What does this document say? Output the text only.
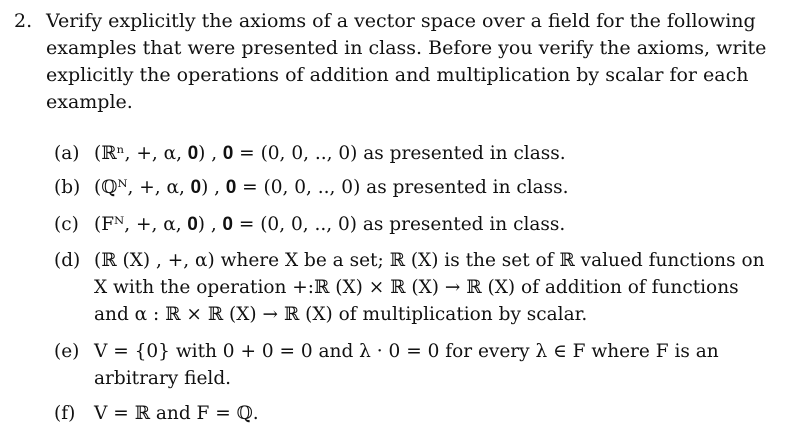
2. Verify explicitly the axioms of a vector space over a field for the following examples that were presented in class. Before you verify the axioms, write explicitly the operations of addition and multiplication by scalar for each example.
(a) (ℝⁿ, +, α, 𝟎) , 𝟎 = (0, 0, .., 0) as presented in class.
(b) (ℚᴺ, +, α, 𝟎) , 𝟎 = (0, 0, .., 0) as presented in class.
(c) (Fᴺ, +, α, 𝟎) , 𝟎 = (0, 0, .., 0) as presented in class.
(d) (ℝ (X) , +, α) where X be a set; ℝ (X) is the set of ℝ valued functions on X with the operation +:ℝ (X) × ℝ (X) → ℝ (X) of addition of functions and α : ℝ × ℝ (X) → ℝ (X) of multiplication by scalar.
(e) V = {0} with 0 + 0 = 0 and λ · 0 = 0 for every λ ∈ F where F is an arbitrary field.
(f) V = ℝ and F = ℚ.
